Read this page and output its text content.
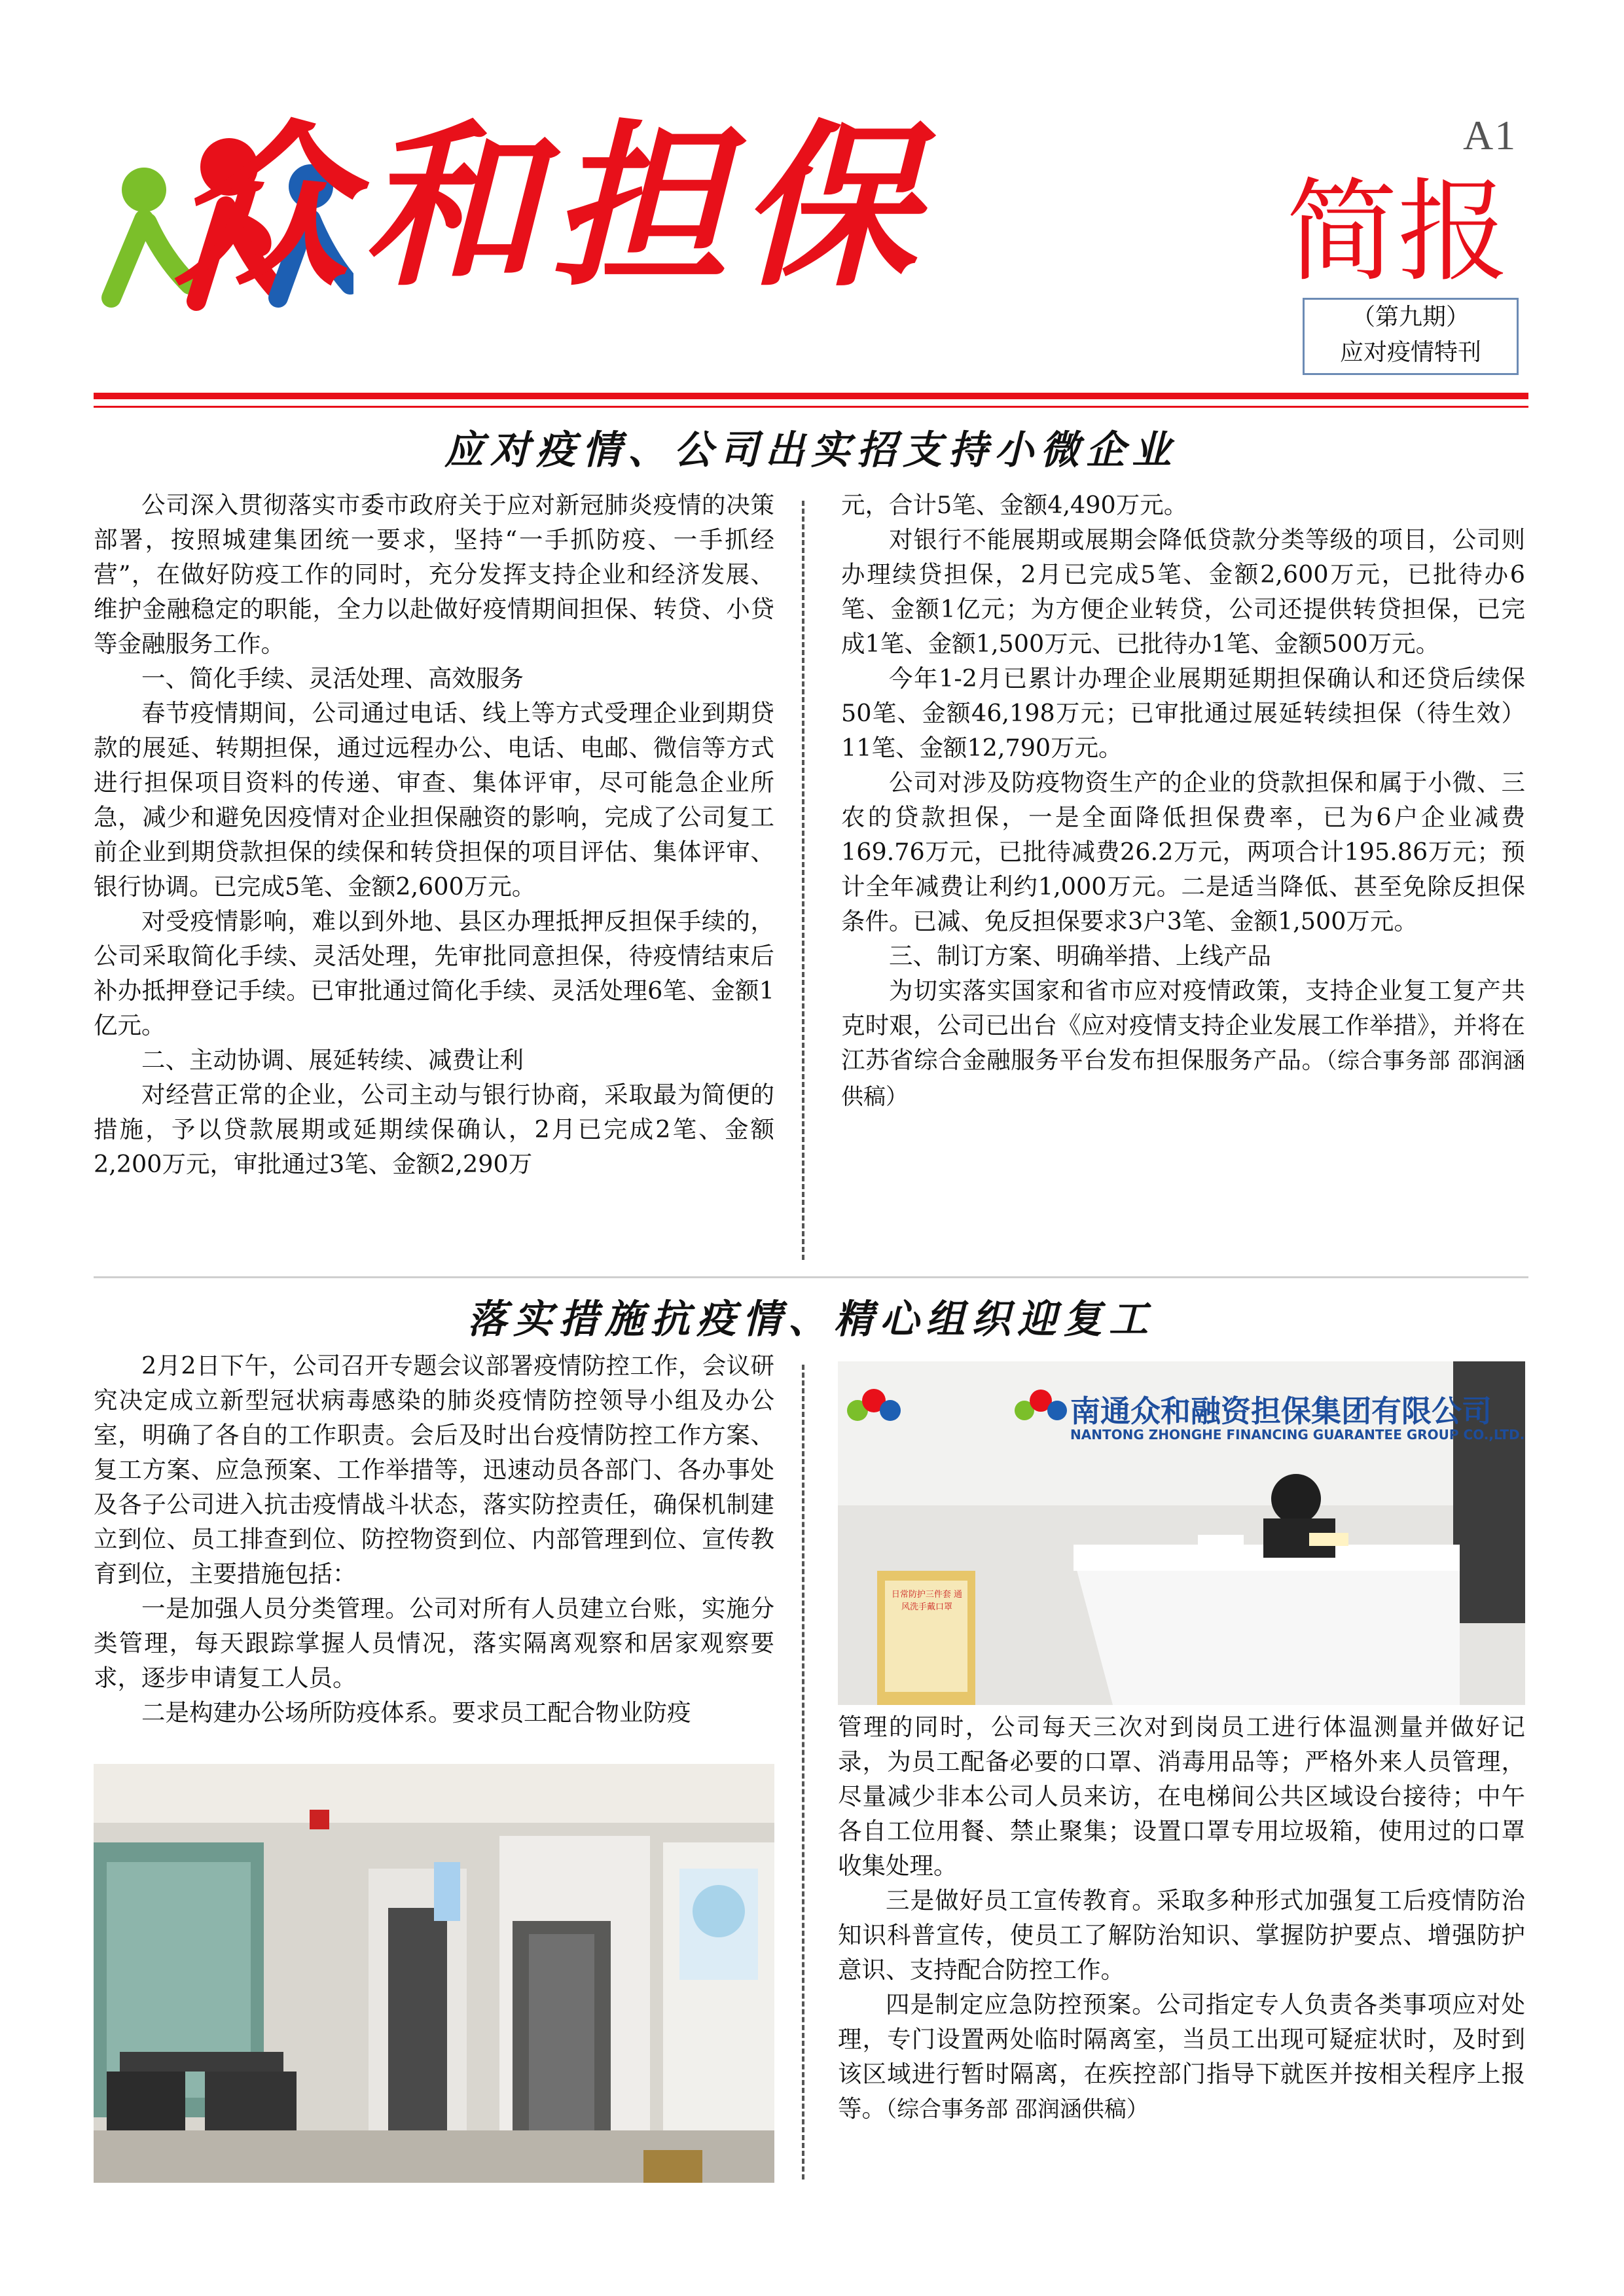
A1
众和担保	简报
（第九期）
应对疫情特刊
应对疫情、公司出实招支持小微企业

公司深入贯彻落实市委市政府关于应对新冠肺炎疫情的决策部署，按照城建集团统一要求，坚持“一手抓防疫、一手抓经营”，在做好防疫工作的同时，充分发挥支持企业和经济发展、维护金融稳定的职能，全力以赴做好疫情期间担保、转贷、小贷等金融服务工作。

一、简化手续、灵活处理、高效服务

春节疫情期间，公司通过电话、线上等方式受理企业到期贷款的展延、转期担保，通过远程办公、电话、电邮、微信等方式进行担保项目资料的传递、审查、集体评审，尽可能急企业所急，减少和避免因疫情对企业担保融资的影响，完成了公司复工前企业到期贷款担保的续保和转贷担保的项目评估、集体评审、银行协调。已完成5笔、金额2,600万元。

对受疫情影响，难以到外地、县区办理抵押反担保手续的，公司采取简化手续、灵活处理，先审批同意担保，待疫情结束后补办抵押登记手续。已审批通过简化手续、灵活处理6笔、金额1亿元。

二、主动协调、展延转续、减费让利

对经营正常的企业，公司主动与银行协商，采取最为简便的措施，予以贷款展期或延期续保确认，2月已完成2笔、金额2,200万元，审批通过3笔、金额2,290万

元，合计5笔、金额4,490万元。

对银行不能展期或展期会降低贷款分类等级的项目，公司则办理续贷担保，2月已完成5笔、金额2,600万元，已批待办6笔、金额1亿元；为方便企业转贷，公司还提供转贷担保，已完成1笔、金额1,500万元、已批待办1笔、金额500万元。

今年1-2月已累计办理企业展期延期担保确认和还贷后续保50笔、金额46,198万元；已审批通过展延转续担保（待生效）11笔、金额12,790万元。

公司对涉及防疫物资生产的企业的贷款担保和属于小微、三农的贷款担保，一是全面降低担保费率，已为6户企业减费169.76万元，已批待减费26.2万元，两项合计195.86万元；预计全年减费让利约1,000万元。二是适当降低、甚至免除反担保条件。已减、免反担保要求3户3笔、金额1,500万元。

三、制订方案、明确举措、上线产品

为切实落实国家和省市应对疫情政策，支持企业复工复产共克时艰，公司已出台《应对疫情支持企业发展工作举措》，并将在江苏省综合金融服务平台发布担保服务产品。（综合事务部 邵润涵供稿）

落实措施抗疫情、精心组织迎复工

2月2日下午，公司召开专题会议部署疫情防控工作，会议研究决定成立新型冠状病毒感染的肺炎疫情防控领导小组及办公室，明确了各自的工作职责。会后及时出台疫情防控工作方案、复工方案、应急预案、工作举措等，迅速动员各部门、各办事处及各子公司进入抗击疫情战斗状态，落实防控责任，确保机制建立到位、员工排查到位、防控物资到位、内部管理到位、宣传教育到位，主要措施包括：

一是加强人员分类管理。公司对所有人员建立台账，实施分类管理，每天跟踪掌握人员情况，落实隔离观察和居家观察要求，逐步申请复工人员。

二是构建办公场所防疫体系。要求员工配合物业防疫

南通众和融资担保集团有限公司
NANTONG ZHONGHE FINANCING GUARANTEE GROUP CO.,LTD.
日常防护三件套 通风洗手戴口罩

管理的同时，公司每天三次对到岗员工进行体温测量并做好记录，为员工配备必要的口罩、消毒用品等；严格外来人员管理，尽量减少非本公司人员来访，在电梯间公共区域设台接待；中午各自工位用餐、禁止聚集；设置口罩专用垃圾箱，使用过的口罩收集处理。

三是做好员工宣传教育。采取多种形式加强复工后疫情防治知识科普宣传，使员工了解防治知识、掌握防护要点、增强防护意识、支持配合防控工作。

四是制定应急防控预案。公司指定专人负责各类事项应对处理，专门设置两处临时隔离室，当员工出现可疑症状时，及时到该区域进行暂时隔离，在疾控部门指导下就医并按相关程序上报等。（综合事务部 邵润涵供稿）
